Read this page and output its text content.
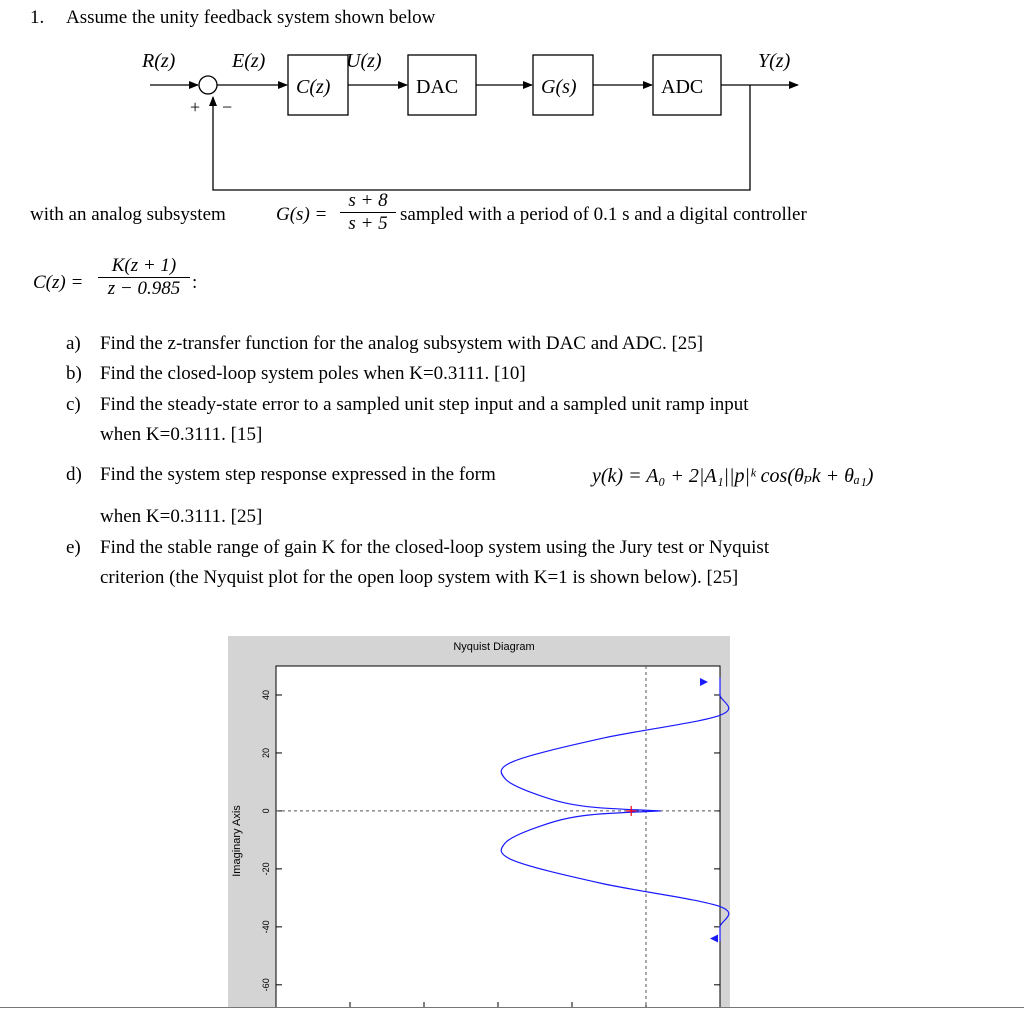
1. Assume the unity feedback system shown below
R(z)	E(z)	U(z)	Y(z)
C(z)	DAC	G(s)	ADC
+ −
with an analog subsystem	G(s) =
s + 8
s + 5 sampled with a period of 0.1 s and a digital controller
C(z) =
K(z + 1)
z − 0.985 :
a) Find the z-transfer function for the analog subsystem with DAC and ADC. [25]
b) Find the closed-loop system poles when K=0.3111. [10]
c) Find the steady-state error to a sampled unit step input and a sampled unit ramp input
when K=0.3111. [15]
d) Find the system step response expressed in the form	y(k) = A₀ + 2|A₁||p|ᵏ cos(θₚk + θₐ₁)
when K=0.3111. [25]
e) Find the stable range of gain K for the closed-loop system using the Jury test or Nyquist
criterion (the Nyquist plot for the open loop system with K=1 is shown below). [25]
Nyquist Diagram
Imaginary Axis
40
20
0
-20
-40
-60
